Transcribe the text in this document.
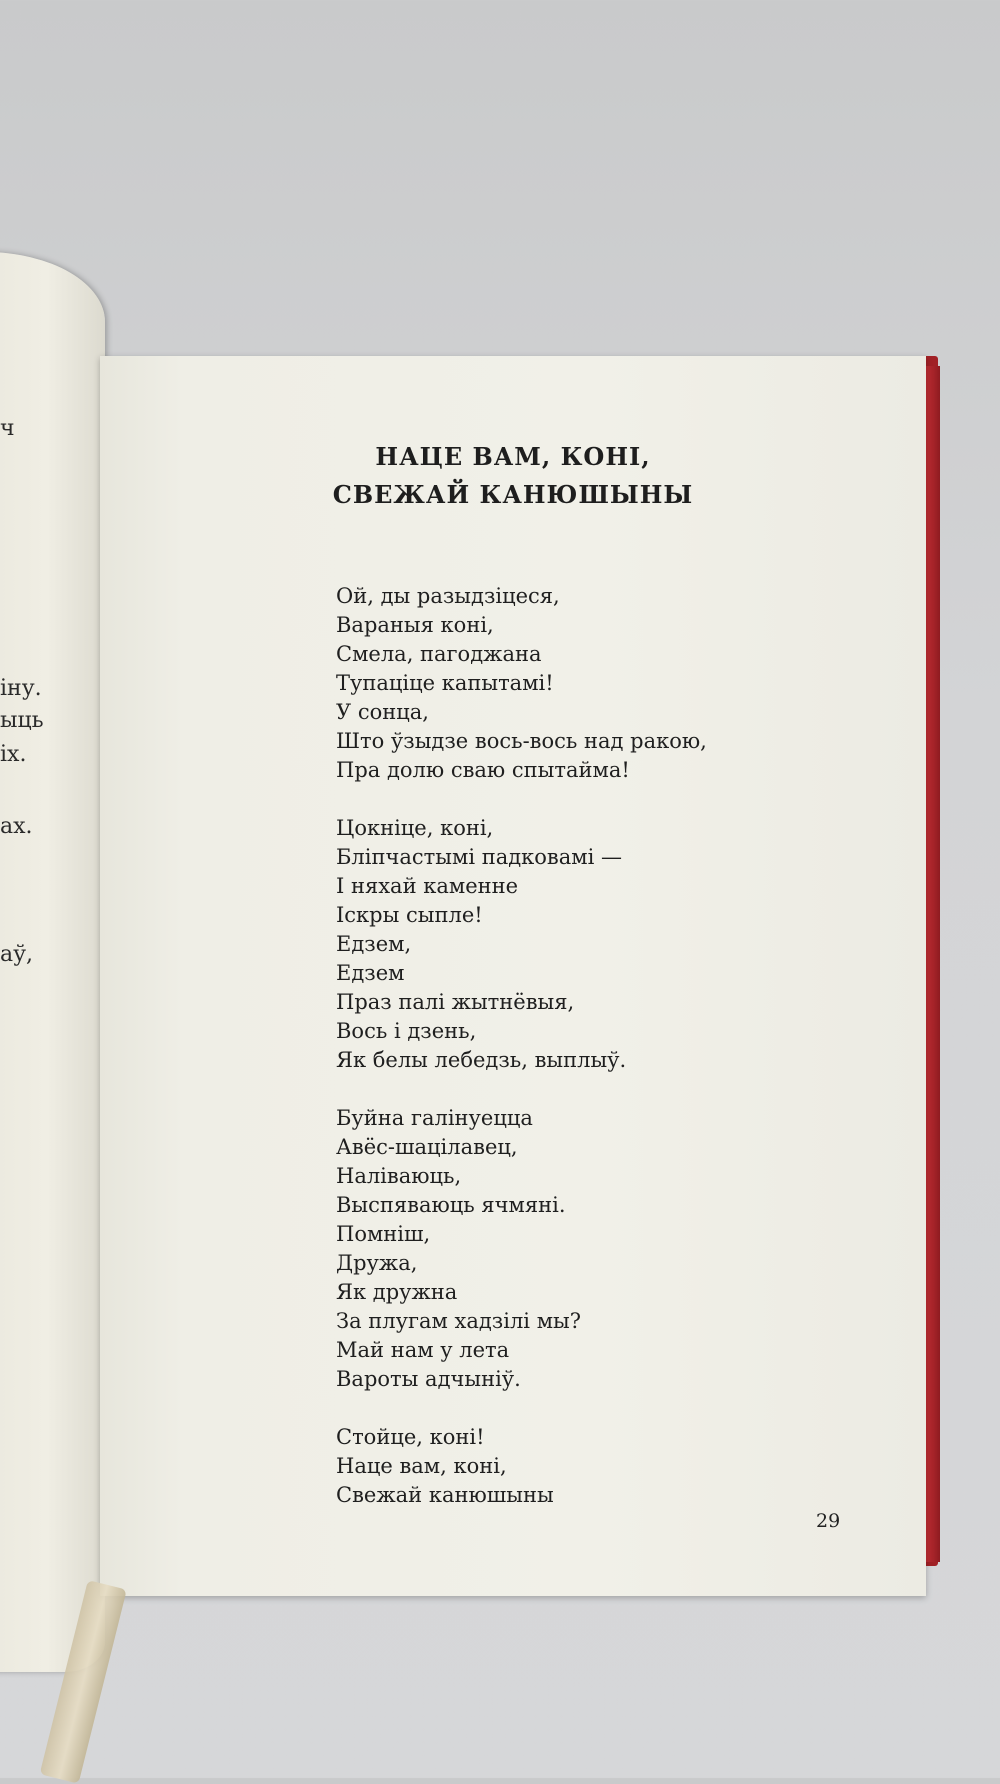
ч
іну.
ыць
іх.
ах.
аў,
НАЦЕ ВАМ, КОНІ,
СВЕЖАЙ КАНЮШЫНЫ
Ой, ды разыдзіцеся,
Вараныя коні,
Смела, пагоджана
Тупаціце капытамі!
У сонца,
Што ўзыдзе вось-вось над ракою,
Пра долю сваю спытайма!
Цокніце, коні,
Бліпчастымі падковамі —
І няхай каменне
Іскры сыпле!
Едзем,
Едзем
Праз палі жытнёвыя,
Вось і дзень,
Як белы лебедзь, выплыў.
Буйна галінуецца
Авёс-шацілавец,
Налiваюць,
Выспяваюць ячмяні.
Помніш,
Дружа,
Як дружна
За плугам хадзілі мы?
Май нам у лета
Вароты адчыніў.
Стойце, коні!
Наце вам, коні,
Свежай канюшыны
29
